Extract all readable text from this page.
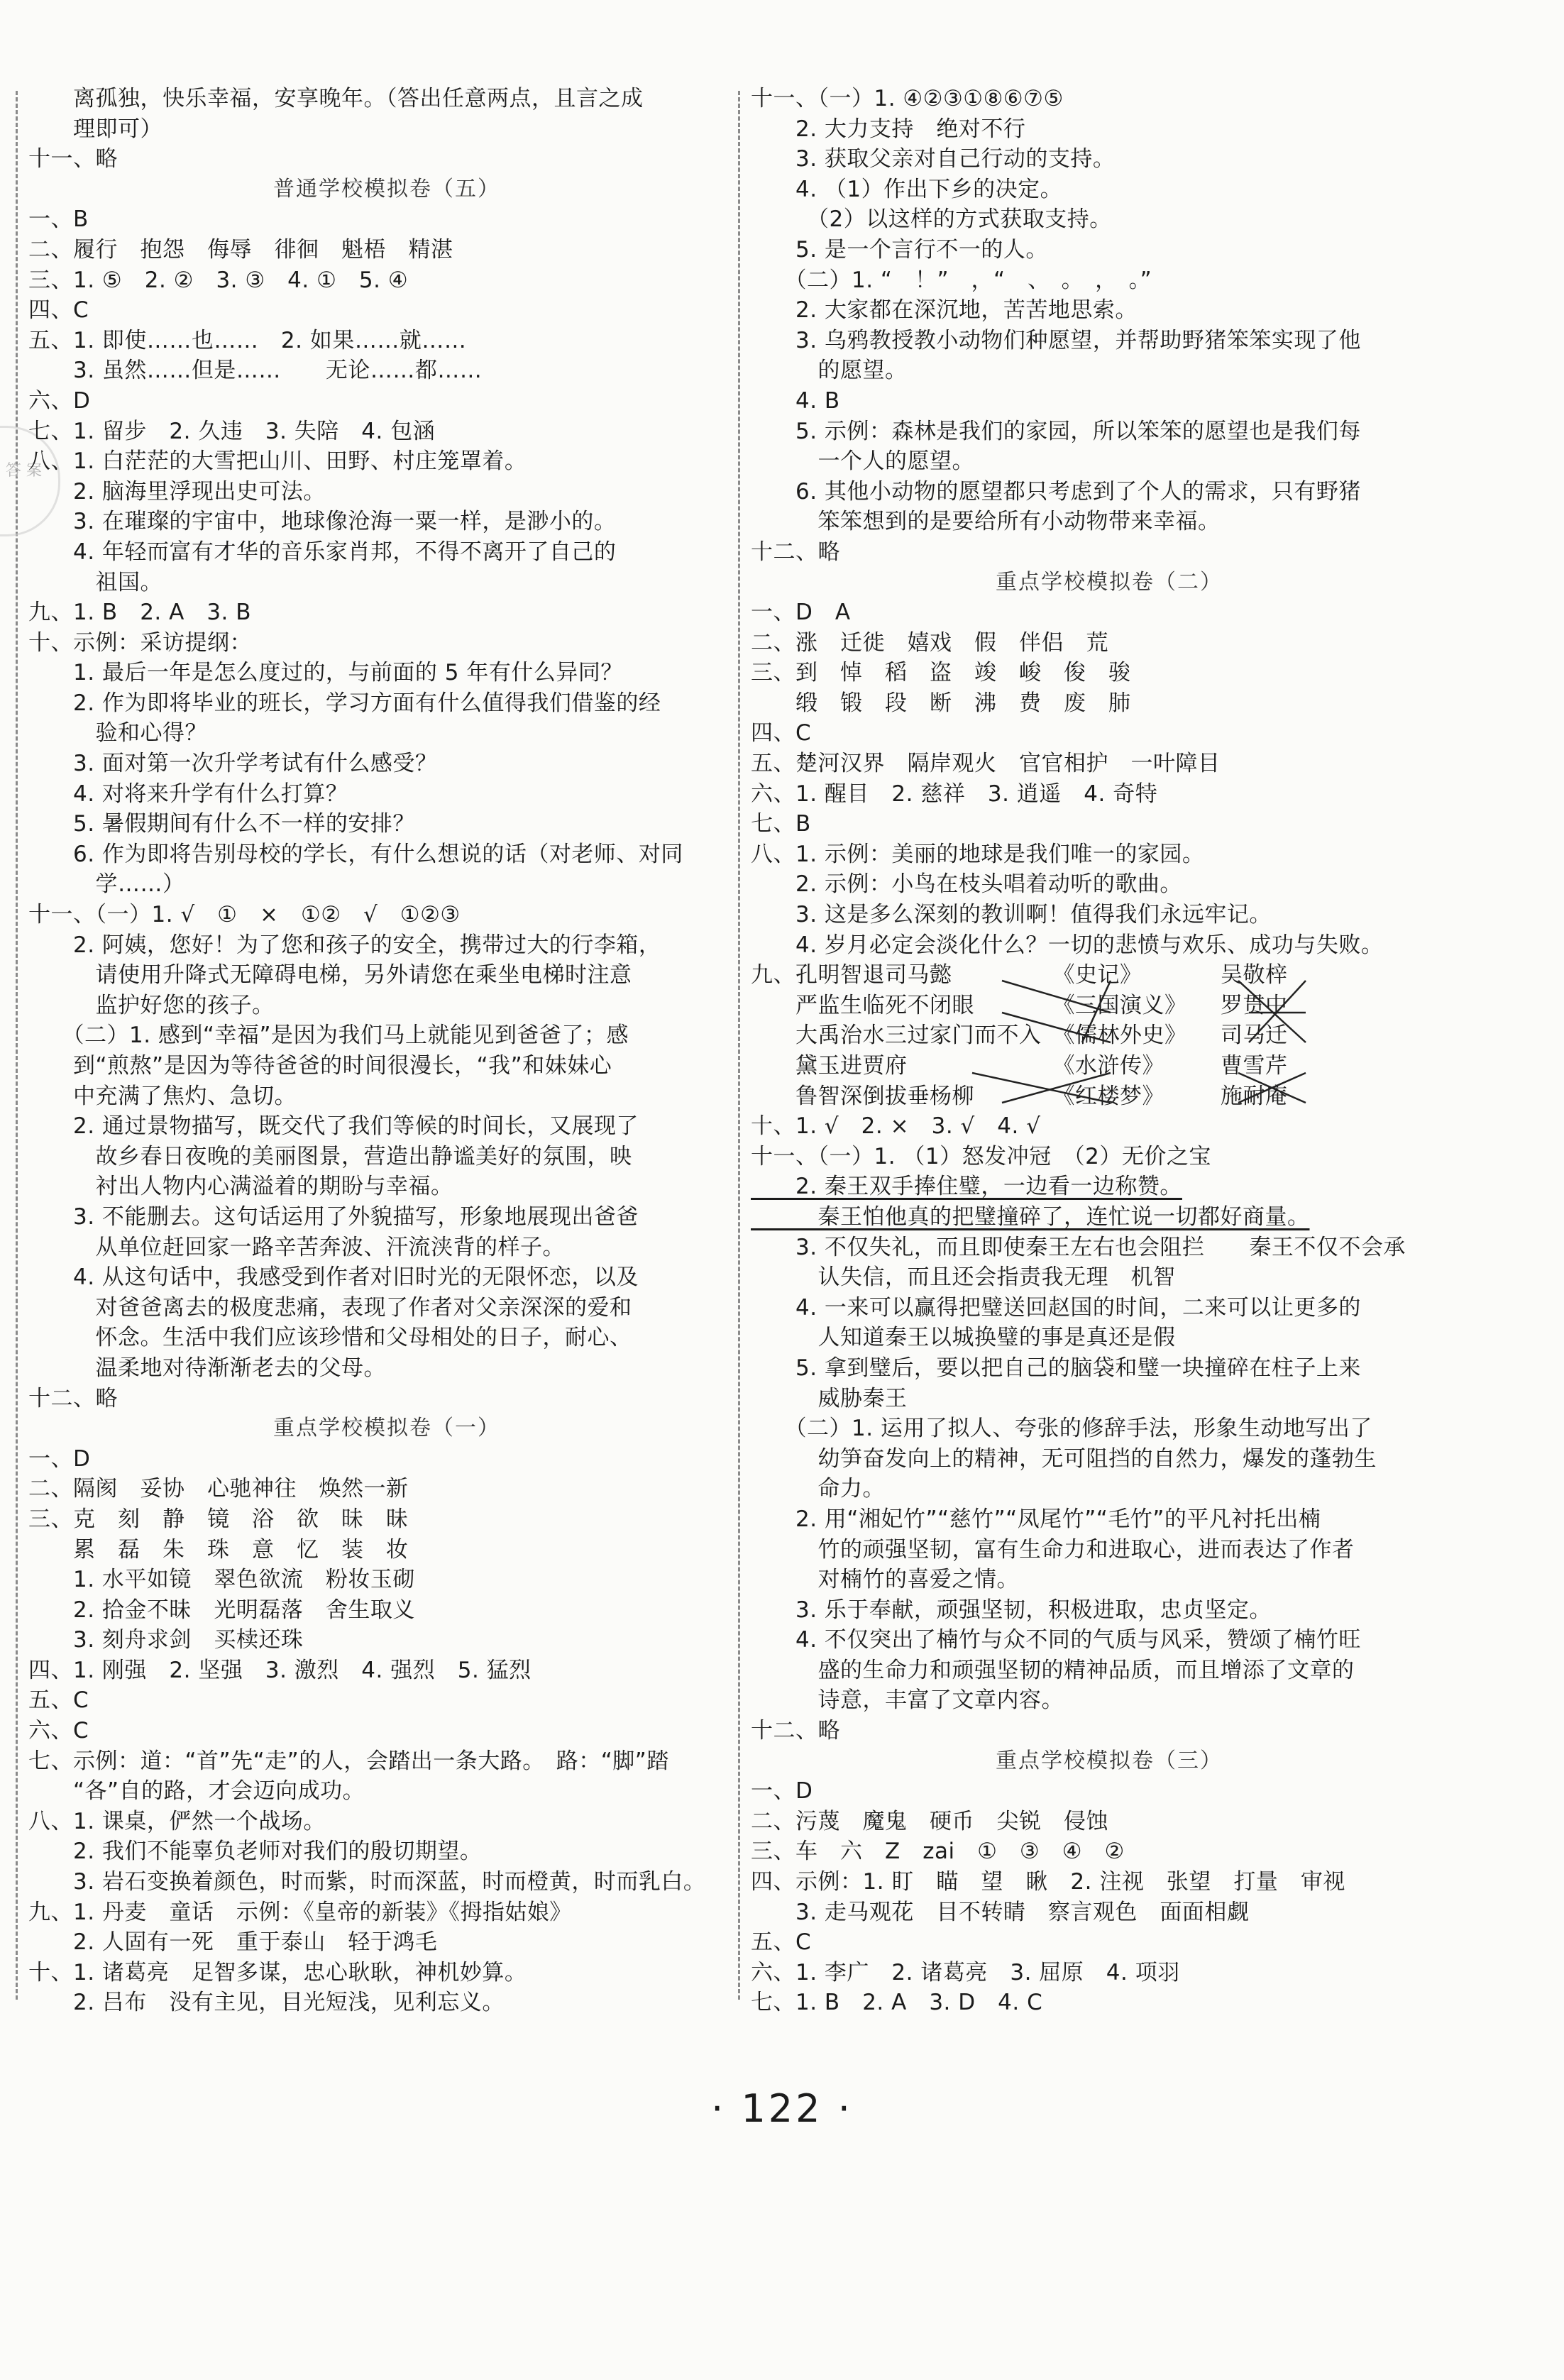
答 案
　　离孤独，快乐幸福，安享晚年。（答出任意两点，且言之成
　　理即可）
十一、略
普通学校模拟卷（五）
一、B
二、履行　抱怨　侮辱　徘徊　魁梧　精湛
三、1. ⑤　2. ②　3. ③　4. ①　5. ④
四、C
五、1. 即使……也……　2. 如果……就……
　　3. 虽然……但是……　　无论……都……
六、D
七、1. 留步　2. 久违　3. 失陪　4. 包涵
八、1. 白茫茫的大雪把山川、田野、村庄笼罩着。
　　2. 脑海里浮现出史可法。
　　3. 在璀璨的宇宙中，地球像沧海一粟一样，是渺小的。
　　4. 年轻而富有才华的音乐家肖邦，不得不离开了自己的
　　　祖国。
九、1. B　2. A　3. B
十、示例：采访提纲：
　　1. 最后一年是怎么度过的，与前面的 5 年有什么异同？
　　2. 作为即将毕业的班长，学习方面有什么值得我们借鉴的经
　　　验和心得？
　　3. 面对第一次升学考试有什么感受？
　　4. 对将来升学有什么打算？
　　5. 暑假期间有什么不一样的安排？
　　6. 作为即将告别母校的学长，有什么想说的话（对老师、对同
　　　学……）
十一、（一）1. √　①　×　①②　√　①②③
　　2. 阿姨，您好！为了您和孩子的安全，携带过大的行李箱，
　　　请使用升降式无障碍电梯，另外请您在乘坐电梯时注意
　　　监护好您的孩子。
　　（二）1. 感到“幸福”是因为我们马上就能见到爸爸了；感
　　到“煎熬”是因为等待爸爸的时间很漫长，“我”和妹妹心
　　中充满了焦灼、急切。
　　2. 通过景物描写，既交代了我们等候的时间长，又展现了
　　　故乡春日夜晚的美丽图景，营造出静谧美好的氛围，映
　　　衬出人物内心满溢着的期盼与幸福。
　　3. 不能删去。这句话运用了外貌描写，形象地展现出爸爸
　　　从单位赶回家一路辛苦奔波、汗流浃背的样子。
　　4. 从这句话中，我感受到作者对旧时光的无限怀恋，以及
　　　对爸爸离去的极度悲痛，表现了作者对父亲深深的爱和
　　　怀念。生活中我们应该珍惜和父母相处的日子，耐心、
　　　温柔地对待渐渐老去的父母。
十二、略
重点学校模拟卷（一）
一、D
二、隔阂　妥协　心驰神往　焕然一新
三、克　刻　静　镜　浴　欲　昧　昧
　　累　磊　朱　珠　意　忆　装　妆
　　1. 水平如镜　翠色欲流　粉妆玉砌
　　2. 拾金不昧　光明磊落　舍生取义
　　3. 刻舟求剑　买椟还珠
四、1. 刚强　2. 坚强　3. 激烈　4. 强烈　5. 猛烈
五、C
六、C
七、示例：道：“首”先“走”的人，会踏出一条大路。　路：“脚”踏
　　“各”自的路，才会迈向成功。
八、1. 课桌，俨然一个战场。
　　2. 我们不能辜负老师对我们的殷切期望。
　　3. 岩石变换着颜色，时而紫，时而深蓝，时而橙黄，时而乳白。
九、1. 丹麦　童话　示例：《皇帝的新装》《拇指姑娘》
　　2. 人固有一死　重于泰山　轻于鸿毛
十、1. 诸葛亮　足智多谋，忠心耿耿，神机妙算。
　　2. 吕布　没有主见，目光短浅，见利忘义。
十一、（一）1. ④②③①⑧⑥⑦⑤
　　2. 大力支持　绝对不行
　　3. 获取父亲对自己行动的支持。
　　4. （1）作出下乡的决定。
　　　（2）以这样的方式获取支持。
　　5. 是一个言行不一的人。
　　（二）1. “　！”　，“　、　。　，　。”
　　2. 大家都在深沉地，苦苦地思索。
　　3. 乌鸦教授教小动物们种愿望，并帮助野猪笨笨实现了他
　　　的愿望。
　　4. B
　　5. 示例：森林是我们的家园，所以笨笨的愿望也是我们每
　　　一个人的愿望。
　　6. 其他小动物的愿望都只考虑到了个人的需求，只有野猪
　　　笨笨想到的是要给所有小动物带来幸福。
十二、略
重点学校模拟卷（二）
一、D　A
二、涨　迁徙　嬉戏　假　伴侣　荒
三、到　悼　稻　盗　竣　峻　俊　骏
　　缎　锻　段　断　沸　费　废　肺
四、C
五、楚河汉界　隔岸观火　官官相护　一叶障目
六、1. 醒目　2. 慈祥　3. 逍遥　4. 奇特
七、B
八、1. 示例：美丽的地球是我们唯一的家园。
　　2. 示例：小鸟在枝头唱着动听的歌曲。
　　3. 这是多么深刻的教训啊！值得我们永远牢记。
　　4. 岁月必定会淡化什么？一切的悲愤与欢乐、成功与失败。
九、孔明智退司马懿　　　　　《史记》　　　　吴敬梓
　　严监生临死不闭眼　　　　《三国演义》　　罗贯中
　　大禹治水三过家门而不入　《儒林外史》　　司马迁
　　黛玉进贾府　　　　　　　《水浒传》　　　曹雪芹
　　鲁智深倒拔垂杨柳　　　　《红楼梦》　　　施耐庵
十、1. √　2. ×　3. √　4. √
十一、（一）1. （1）怒发冲冠　（2）无价之宝
　　2. 秦王双手捧住璧，一边看一边称赞。
　　　秦王怕他真的把璧撞碎了，连忙说一切都好商量。
　　3. 不仅失礼，而且即使秦王左右也会阻拦　　秦王不仅不会承
　　　认失信，而且还会指责我无理　机智
　　4. 一来可以赢得把璧送回赵国的时间，二来可以让更多的
　　　人知道秦王以城换璧的事是真还是假
　　5. 拿到璧后，要以把自己的脑袋和璧一块撞碎在柱子上来
　　　威胁秦王
　　（二）1. 运用了拟人、夸张的修辞手法，形象生动地写出了
　　　幼笋奋发向上的精神，无可阻挡的自然力，爆发的蓬勃生
　　　命力。
　　2. 用“湘妃竹”“慈竹”“凤尾竹”“毛竹”的平凡衬托出楠
　　　竹的顽强坚韧，富有生命力和进取心，进而表达了作者
　　　对楠竹的喜爱之情。
　　3. 乐于奉献，顽强坚韧，积极进取，忠贞坚定。
　　4. 不仅突出了楠竹与众不同的气质与风采，赞颂了楠竹旺
　　　盛的生命力和顽强坚韧的精神品质，而且增添了文章的
　　　诗意，丰富了文章内容。
十二、略
重点学校模拟卷（三）
一、D
二、污蔑　魔鬼　硬币　尖锐　侵蚀
三、车　六　Z　zai　①　③　④　②
四、示例：1. 盯　瞄　望　瞅　2. 注视　张望　打量　审视
　　3. 走马观花　目不转睛　察言观色　面面相觑
五、C
六、1. 李广　2. 诸葛亮　3. 屈原　4. 项羽
七、1. B　2. A　3. D　4. C
· 122 ·
